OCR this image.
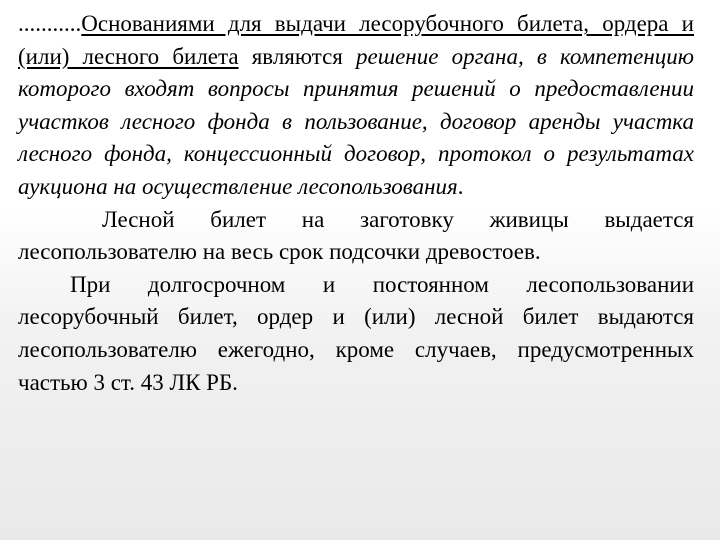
...........Основаниями для выдачи лесорубочного билета, ордера и (или) лесного билета являются решение органа, в компетенцию которого входят вопросы принятия решений о предоставлении участков лесного фонда в пользование, договор аренды участка лесного фонда, концессионный договор, протокол о результатах аукциона на осуществление лесопользования.

Лесной билет на заготовку живицы выдается лесопользователю на весь срок подсочки древостоев.

При долгосрочном и постоянном лесопользовании лесорубочный билет, ордер и (или) лесной билет выдаются лесопользователю ежегодно, кроме случаев, предусмотренных частью 3 ст. 43 ЛК РБ.
